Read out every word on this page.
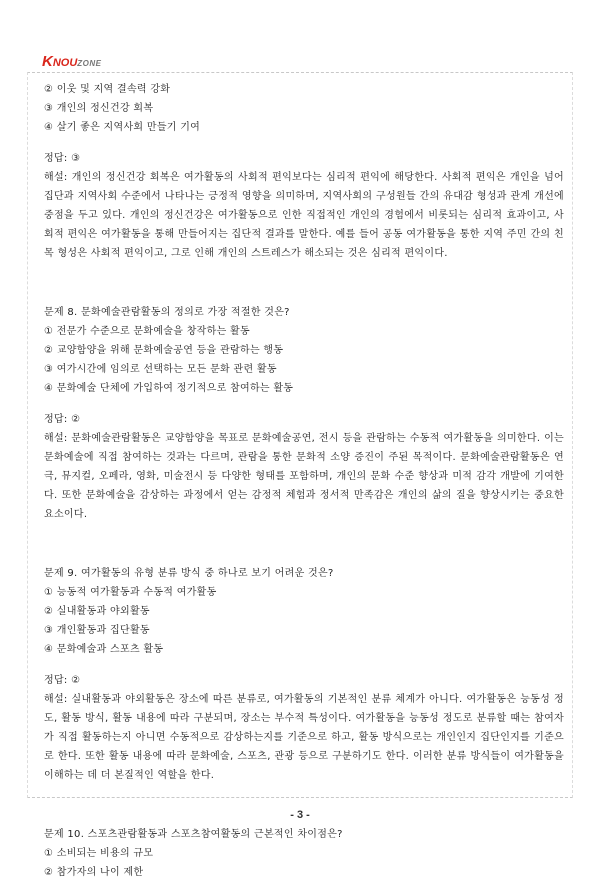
KNOUZONE

② 이웃 및 지역 결속력 강화

③ 개인의 정신건강 회복

④ 살기 좋은 지역사회 만들기 기여

정답: ③

해설: 개인의 정신건강 회복은 여가활동의 사회적 편익보다는 심리적 편익에 해당한다. 사회적 편익은 개인을 넘어 집단과 지역사회 수준에서 나타나는 긍정적 영향을 의미하며, 지역사회의 구성원들 간의 유대감 형성과 관계 개선에 중점을 두고 있다. 개인의 정신건강은 여가활동으로 인한 직접적인 개인의 경험에서 비롯되는 심리적 효과이고, 사회적 편익은 여가활동을 통해 만들어지는 집단적 결과를 말한다. 예를 들어 공동 여가활동을 통한 지역 주민 간의 친목 형성은 사회적 편익이고, 그로 인해 개인의 스트레스가 해소되는 것은 심리적 편익이다.

문제 8. 문화예술관람활동의 정의로 가장 적절한 것은?

① 전문가 수준으로 문화예술을 창작하는 활동

② 교양함양을 위해 문화예술공연 등을 관람하는 행동

③ 여가시간에 임의로 선택하는 모든 문화 관련 활동

④ 문화예술 단체에 가입하여 정기적으로 참여하는 활동

정답: ②

해설: 문화예술관람활동은 교양함양을 목표로 문화예술공연, 전시 등을 관람하는 수동적 여가활동을 의미한다. 이는 문화예술에 직접 참여하는 것과는 다르며, 관람을 통한 문화적 소양 증진이 주된 목적이다. 문화예술관람활동은 연극, 뮤지컬, 오페라, 영화, 미술전시 등 다양한 형태를 포함하며, 개인의 문화 수준 향상과 미적 감각 개발에 기여한다. 또한 문화예술을 감상하는 과정에서 얻는 감정적 체험과 정서적 만족감은 개인의 삶의 질을 향상시키는 중요한 요소이다.

문제 9. 여가활동의 유형 분류 방식 중 하나로 보기 어려운 것은?

① 능동적 여가활동과 수동적 여가활동

② 실내활동과 야외활동

③ 개인활동과 집단활동

④ 문화예술과 스포츠 활동

정답: ②

해설: 실내활동과 야외활동은 장소에 따른 분류로, 여가활동의 기본적인 분류 체계가 아니다. 여가활동은 능동성 정도, 활동 방식, 활동 내용에 따라 구분되며, 장소는 부수적 특성이다. 여가활동을 능동성 정도로 분류할 때는 참여자가 직접 활동하는지 아니면 수동적으로 감상하는지를 기준으로 하고, 활동 방식으로는 개인인지 집단인지를 기준으로 한다. 또한 활동 내용에 따라 문화예술, 스포츠, 관광 등으로 구분하기도 한다. 이러한 분류 방식들이 여가활동을 이해하는 데 더 본질적인 역할을 한다.

문제 10. 스포츠관람활동과 스포츠참여활동의 근본적인 차이점은?

① 소비되는 비용의 규모

② 참가자의 나이 제한

- 3 -
